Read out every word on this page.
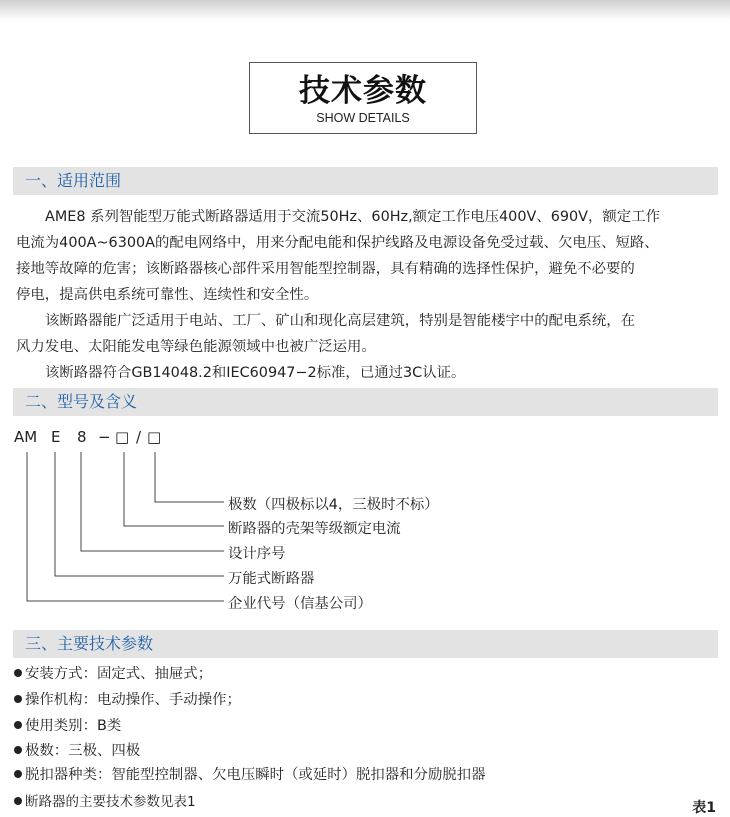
技术参数
SHOW DETAILS
一、适用范围
AME8 系列智能型万能式断路器适用于交流50Hz、60Hz,额定工作电压400V、690V，额定工作
电流为400A~6300A的配电网络中，用来分配电能和保护线路及电源设备免受过载、欠电压、短路、
接地等故障的危害；该断路器核心部件采用智能型控制器，具有精确的选择性保护，避免不必要的
停电，提高供电系统可靠性、连续性和安全性。
该断路器能广泛适用于电站、工厂、矿山和现化高层建筑，特别是智能楼宇中的配电系统，在
风力发电、太阳能发电等绿色能源领域中也被广泛运用。
该断路器符合GB14048.2和IEC60947−2标准，已通过3C认证。
二、型号及含义
AM E 8 − □ / □
极数（四极标以4，三极时不标）
断路器的壳架等级额定电流
设计序号
万能式断路器
企业代号（信基公司）
三、主要技术参数
安装方式：固定式、抽屉式；
操作机构：电动操作、手动操作；
使用类别：B类
极数：三极、四极
脱扣器种类：智能型控制器、欠电压瞬时（或延时）脱扣器和分励脱扣器
断路器的主要技术参数见表1	表1
